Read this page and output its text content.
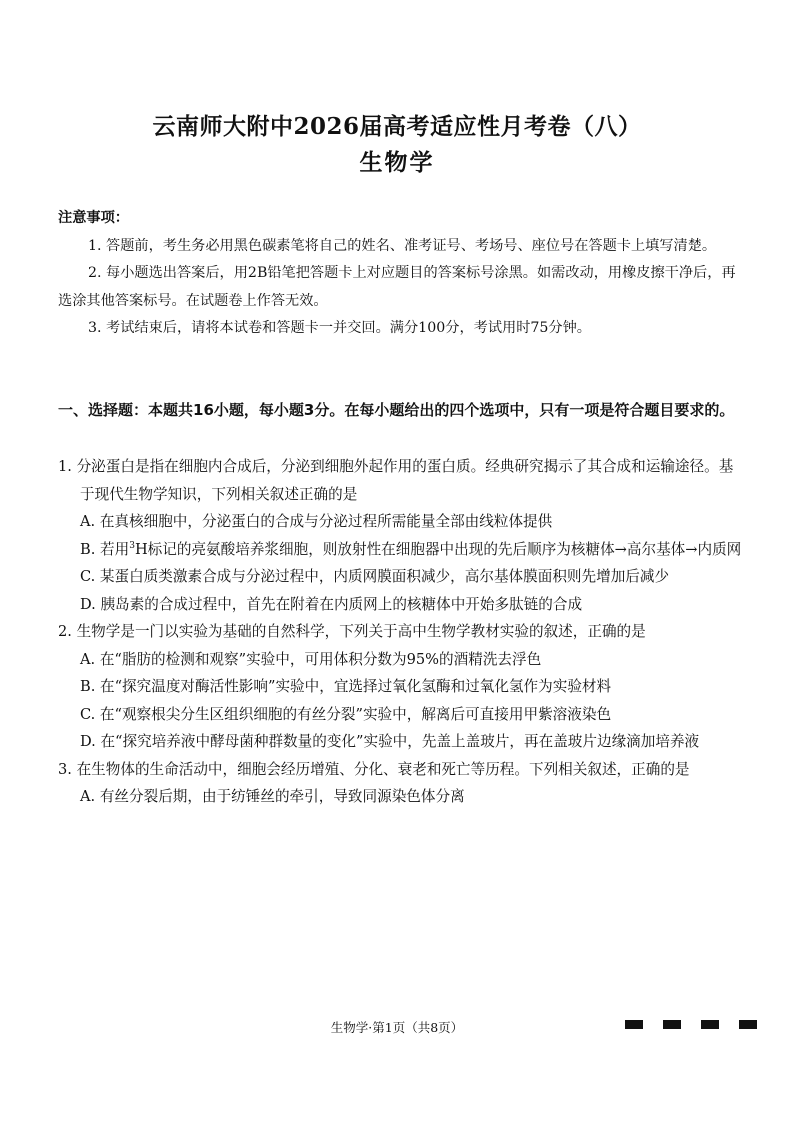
云南师大附中2026届高考适应性月考卷（八）
生物学
注意事项：
1. 答题前，考生务必用黑色碳素笔将自己的姓名、准考证号、考场号、座位号在答题卡上填写清楚。
2. 每小题选出答案后，用2B铅笔把答题卡上对应题目的答案标号涂黑。如需改动，用橡皮擦干净后，再选涂其他答案标号。在试题卷上作答无效。
3. 考试结束后，请将本试卷和答题卡一并交回。满分100分，考试用时75分钟。
一、选择题：本题共16小题，每小题3分。在每小题给出的四个选项中，只有一项是符合题目要求的。
1. 分泌蛋白是指在细胞内合成后，分泌到细胞外起作用的蛋白质。经典研究揭示了其合成和运输途径。基于现代生物学知识，下列相关叙述正确的是
A. 在真核细胞中，分泌蛋白的合成与分泌过程所需能量全部由线粒体提供
B. 若用$^3$H标记的亮氨酸培养浆细胞，则放射性在细胞器中出现的先后顺序为核糖体→高尔基体→内质网
C. 某蛋白质类激素合成与分泌过程中，内质网膜面积减少，高尔基体膜面积则先增加后减少
D. 胰岛素的合成过程中，首先在附着在内质网上的核糖体中开始多肽链的合成
2. 生物学是一门以实验为基础的自然科学，下列关于高中生物学教材实验的叙述，正确的是
A. 在“脂肪的检测和观察”实验中，可用体积分数为95%的酒精洗去浮色
B. 在“探究温度对酶活性影响”实验中，宜选择过氧化氢酶和过氧化氢作为实验材料
C. 在“观察根尖分生区组织细胞的有丝分裂”实验中，解离后可直接用甲紫溶液染色
D. 在“探究培养液中酵母菌种群数量的变化”实验中，先盖上盖玻片，再在盖玻片边缘滴加培养液
3. 在生物体的生命活动中，细胞会经历增殖、分化、衰老和死亡等历程。下列相关叙述，正确的是
A. 有丝分裂后期，由于纺锤丝的牵引，导致同源染色体分离
生物学·第1页（共8页）
